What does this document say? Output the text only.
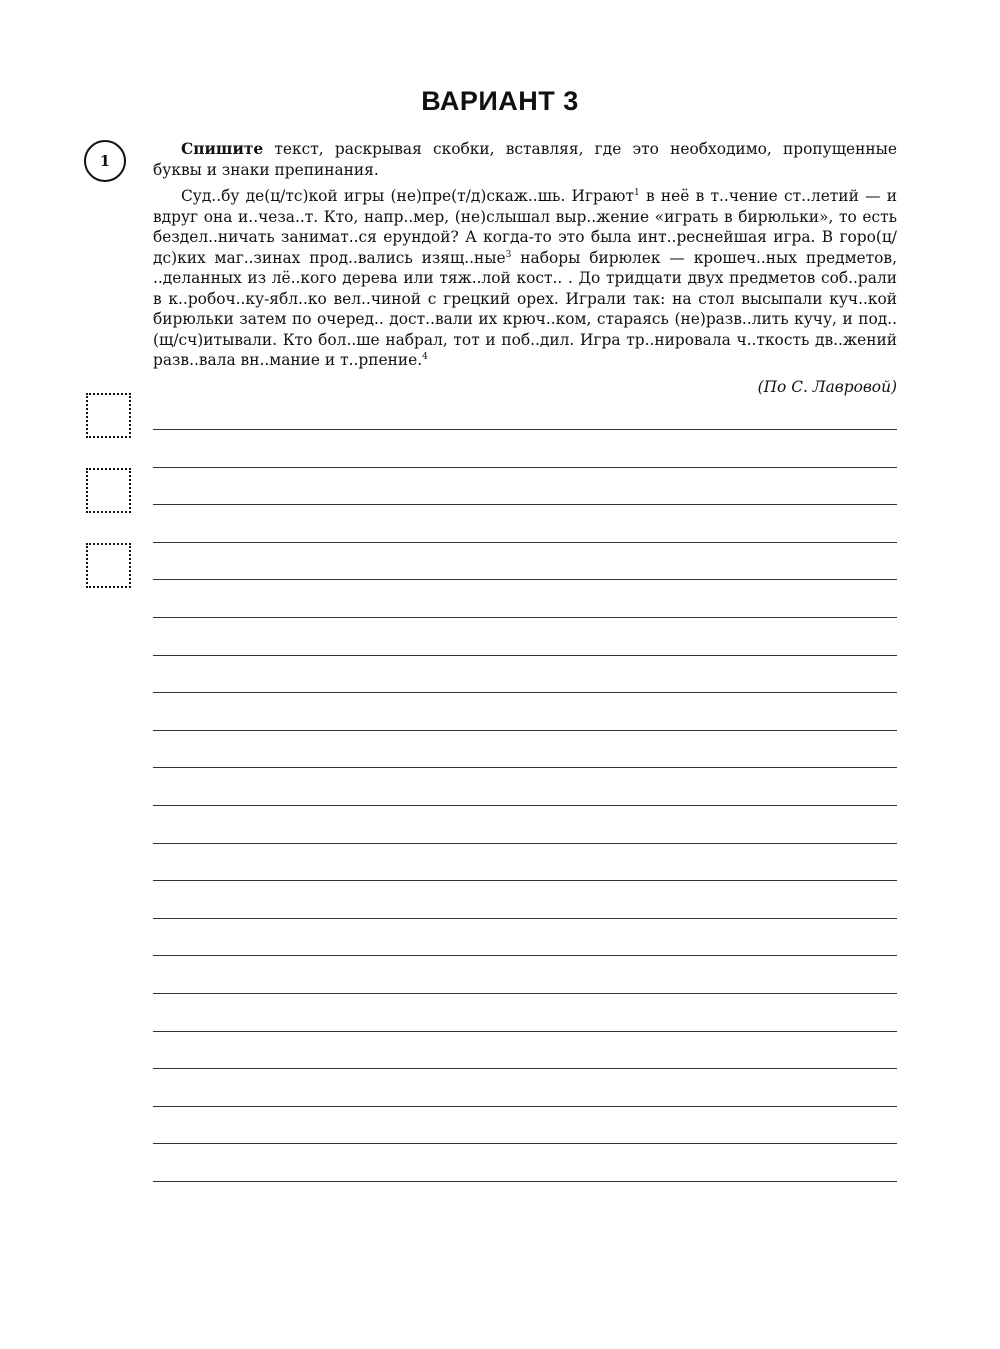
ВАРИАНТ 3
1

Спишите текст, раскрывая скобки, вставляя, где это необходимо, пропущенные буквы и знаки препинания.

Суд..бу де(ц/тс)кой игры (не)пре(т/д)скаж..шь. Играют$^1$ в неё в т..чение ст..летий — и вдруг она и..чеза..т. Кто, напр..мер, (не)слышал выр..жение «играть в бирюльки», то есть бездел..ничать занимат..ся ерундой? А когда-то это была инт..реснейшая игра. В горо(ц/дс)ких маг..зинах прод..вались изящ..ные$^3$ наборы бирюлек — крошеч..ных предметов, ..деланных из лё..кого дерева или тяж..лой кост.. . До тридцати двух предметов соб..рали в к..робоч..ку-ябл..ко вел..чиной с грецкий орех. Играли так: на стол высыпали куч..кой бирюльки затем по очеред.. дост..вали их крюч..ком, стараясь (не)разв..лить кучу, и под..(щ/сч)итывали. Кто бол..ше набрал, тот и поб..дил. Игра тр..нировала ч..ткость дв..жений разв..вала вн..мание и т..рпение.$^4$

(По С. Лавровой)
